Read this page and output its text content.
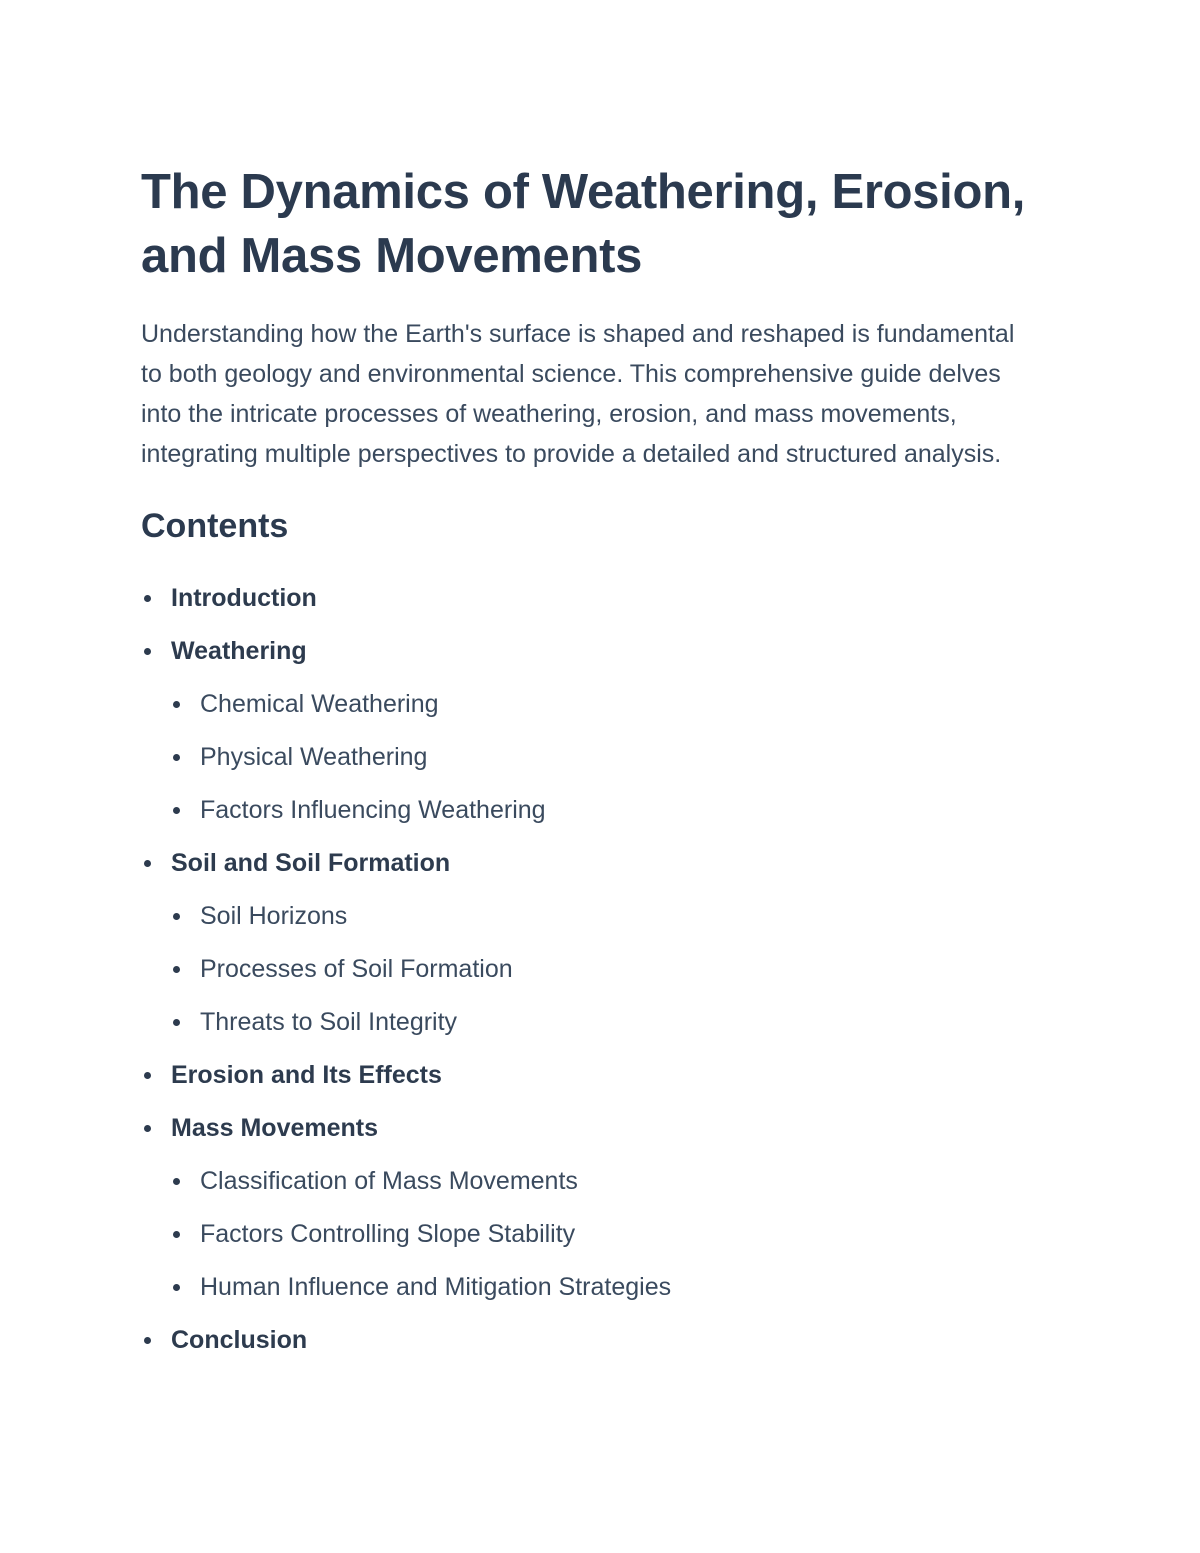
The Dynamics of Weathering, Erosion, and Mass Movements

Understanding how the Earth's surface is shaped and reshaped is fundamental to both geology and environmental science. This comprehensive guide delves into the intricate processes of weathering, erosion, and mass movements, integrating multiple perspectives to provide a detailed and structured analysis.

Contents
Introduction
Weathering
Chemical Weathering
Physical Weathering
Factors Influencing Weathering
Soil and Soil Formation
Soil Horizons
Processes of Soil Formation
Threats to Soil Integrity
Erosion and Its Effects
Mass Movements
Classification of Mass Movements
Factors Controlling Slope Stability
Human Influence and Mitigation Strategies
Conclusion
